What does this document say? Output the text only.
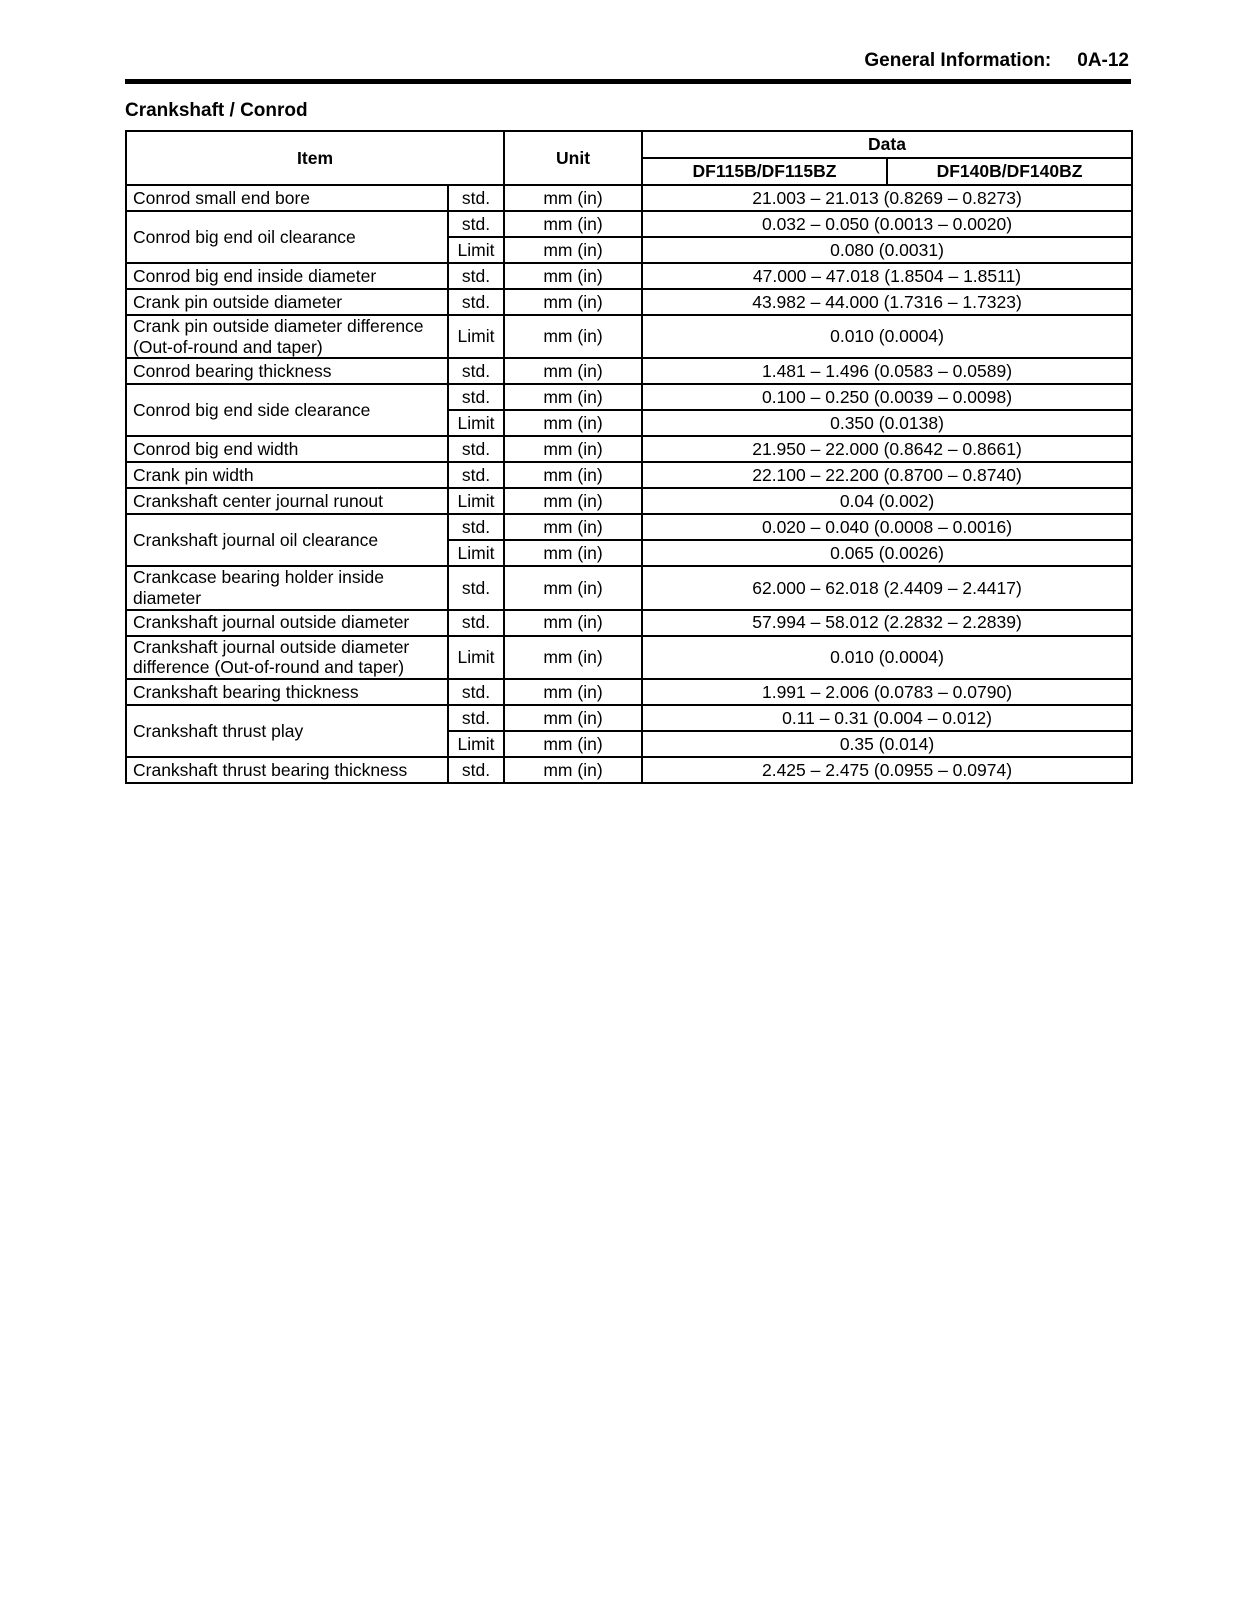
General Information: 0A-12
Crankshaft / Conrod
Item		Unit	Data	
			DF115B/DF115BZ	DF140B/DF140BZ
Conrod small end bore	std.	mm (in)	21.003 – 21.013 (0.8269 – 0.8273)	
Conrod big end oil clearance	std.	mm (in)	0.032 – 0.050 (0.0013 – 0.0020)	
	Limit	mm (in)	0.080 (0.0031)	
Conrod big end inside diameter	std.	mm (in)	47.000 – 47.018 (1.8504 – 1.8511)	
Crank pin outside diameter	std.	mm (in)	43.982 – 44.000 (1.7316 – 1.7323)	
Crank pin outside diameter difference (Out-of-round and taper)	Limit	mm (in)	0.010 (0.0004)	
Conrod bearing thickness	std.	mm (in)	1.481 – 1.496 (0.0583 – 0.0589)	
Conrod big end side clearance	std.	mm (in)	0.100 – 0.250 (0.0039 – 0.0098)	
	Limit	mm (in)	0.350 (0.0138)	
Conrod big end width	std.	mm (in)	21.950 – 22.000 (0.8642 – 0.8661)	
Crank pin width	std.	mm (in)	22.100 – 22.200 (0.8700 – 0.8740)	
Crankshaft center journal runout	Limit	mm (in)	0.04 (0.002)	
Crankshaft journal oil clearance	std.	mm (in)	0.020 – 0.040 (0.0008 – 0.0016)	
	Limit	mm (in)	0.065 (0.0026)	
Crankcase bearing holder inside diameter	std.	mm (in)	62.000 – 62.018 (2.4409 – 2.4417)	
Crankshaft journal outside diameter	std.	mm (in)	57.994 – 58.012 (2.2832 – 2.2839)	
Crankshaft journal outside diameter difference (Out-of-round and taper)	Limit	mm (in)	0.010 (0.0004)	
Crankshaft bearing thickness	std.	mm (in)	1.991 – 2.006 (0.0783 – 0.0790)	
Crankshaft thrust play	std.	mm (in)	0.11 – 0.31 (0.004 – 0.012)	
	Limit	mm (in)	0.35 (0.014)	
Crankshaft thrust bearing thickness	std.	mm (in)	2.425 – 2.475 (0.0955 – 0.0974)	
